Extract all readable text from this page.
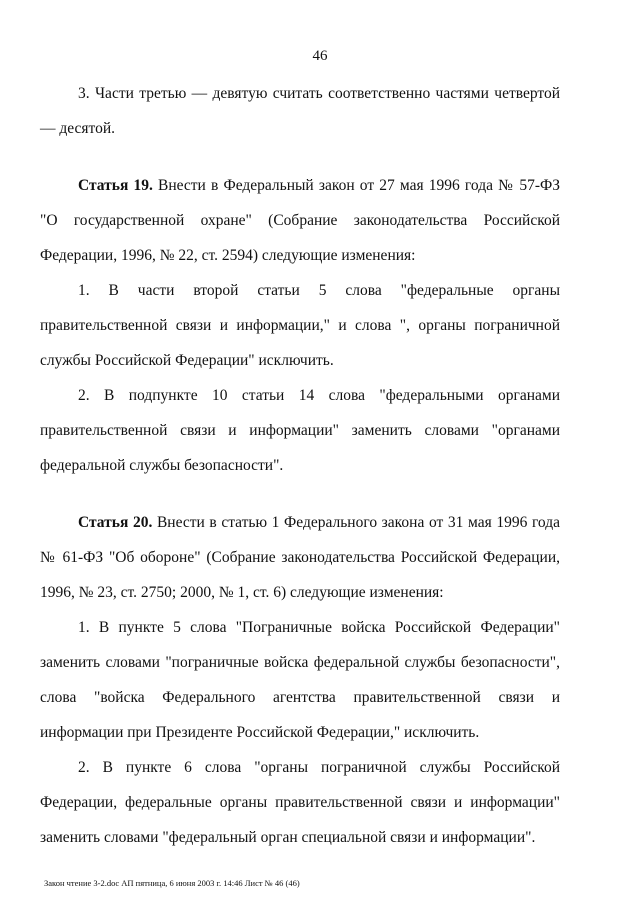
46

3. Части третью — девятую считать соответственно частями четвертой — десятой.

Статья 19. Внести в Федеральный закон от 27 мая 1996 года № 57-ФЗ "О государственной охране" (Собрание законодательства Российской Федерации, 1996, № 22, ст. 2594) следующие изменения:

1. В части второй статьи 5 слова "федеральные органы правительственной связи и информации," и слова ", органы пограничной службы Российской Федерации" исключить.

2. В подпункте 10 статьи 14 слова "федеральными органами правительственной связи и информации" заменить словами "органами федеральной службы безопасности".

Статья 20. Внести в статью 1 Федерального закона от 31 мая 1996 года № 61-ФЗ "Об обороне" (Собрание законодательства Российской Федерации, 1996, № 23, ст. 2750; 2000, № 1, ст. 6) следующие изменения:

1. В пункте 5 слова "Пограничные войска Российской Федерации" заменить словами "пограничные войска федеральной службы безопасности", слова "войска Федерального агентства правительственной связи и информации при Президенте Российской Федерации," исключить.

2. В пункте 6 слова "органы пограничной службы Российской Федерации, федеральные органы правительственной связи и информации" заменить словами "федеральный орган специальной связи и информации".

Закон чтение 3-2.doc АП пятница, 6 июня 2003 г. 14:46 Лист № 46 (46)
